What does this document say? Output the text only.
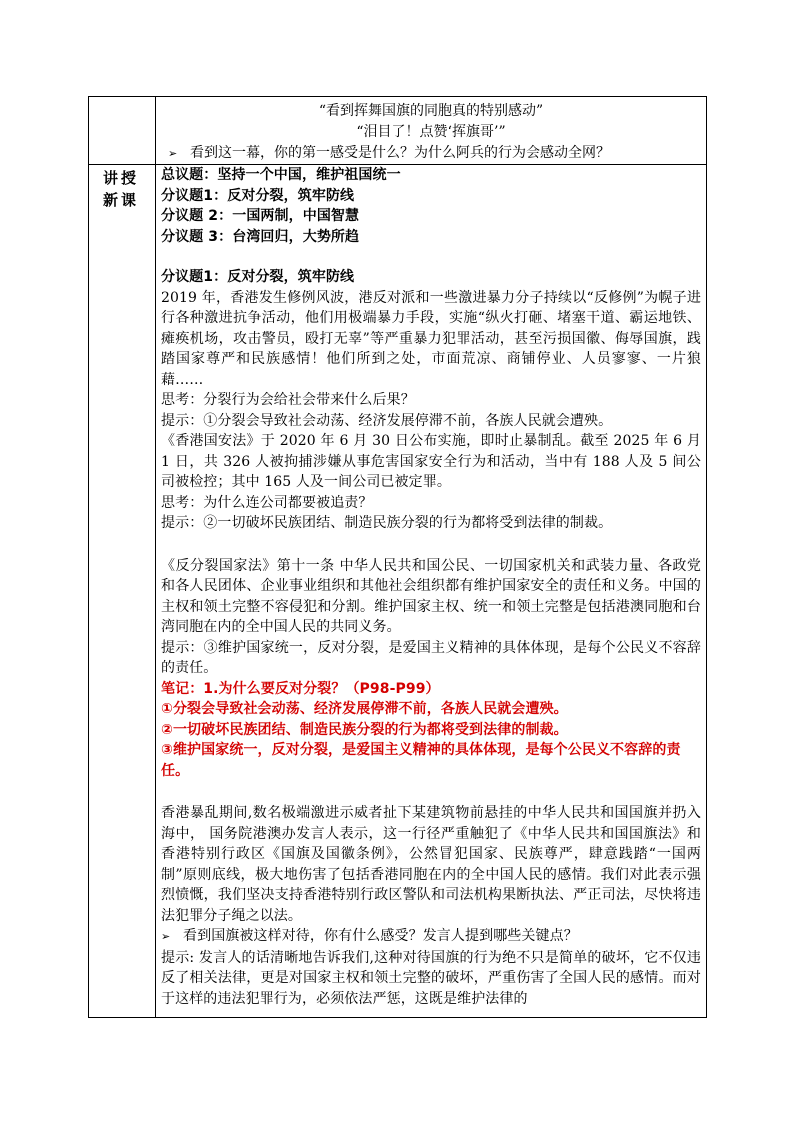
“看到挥舞国旗的同胞真的特别感动”
“泪目了！点赞‘挥旗哥’”
➢ 看到这一幕，你的第一感受是什么？为什么阿兵的行为会感动全网？
讲授新课

总议题：坚持一个中国，维护祖国统一

分议题1：反对分裂，筑牢防线

分议题 2：一国两制，中国智慧

分议题 3：台湾回归，大势所趋

分议题1：反对分裂，筑牢防线

2019 年，香港发生修例风波，港反对派和一些激进暴力分子持续以“反修例”为幌子进行各种激进抗争活动，他们用极端暴力手段，实施“纵火打砸、堵塞干道、霸运地铁、瘫痪机场，攻击警员，殴打无辜”等严重暴力犯罪活动，甚至污损国徽、侮辱国旗，践踏国家尊严和民族感情！他们所到之处，市面荒凉、商铺停业、人员寥寥、一片狼藉……

思考：分裂行为会给社会带来什么后果？

提示：①分裂会导致社会动荡、经济发展停滞不前，各族人民就会遭殃。

《香港国安法》于 2020 年 6 月 30 日公布实施，即时止暴制乱。截至 2025 年 6 月 1 日，共 326 人被拘捕涉嫌从事危害国家安全行为和活动，当中有 188 人及 5 间公司被检控；其中 165 人及一间公司已被定罪。

思考：为什么连公司都要被追责？

提示：②一切破坏民族团结、制造民族分裂的行为都将受到法律的制裁。

《反分裂国家法》第十一条 中华人民共和国公民、一切国家机关和武装力量、各政党和各人民团体、企业事业组织和其他社会组织都有维护国家安全的责任和义务。中国的主权和领土完整不容侵犯和分割。维护国家主权、统一和领土完整是包括港澳同胞和台湾同胞在内的全中国人民的共同义务。

提示：③维护国家统一，反对分裂，是爱国主义精神的具体体现，是每个公民义不容辞的责任。

笔记：1.为什么要反对分裂？（P98-P99）

①分裂会导致社会动荡、经济发展停滞不前，各族人民就会遭殃。

②一切破坏民族团结、制造民族分裂的行为都将受到法律的制裁。

③维护国家统一，反对分裂，是爱国主义精神的具体体现，是每个公民义不容辞的责任。

香港暴乱期间,数名极端激进示威者扯下某建筑物前悬挂的中华人民共和国国旗并扔入海中， 国务院港澳办发言人表示，这一行径严重触犯了《中华人民共和国国旗法》和香港特别行政区《国旗及国徽条例》，公然冒犯国家、民族尊严，肆意践踏“一国两制”原则底线，极大地伤害了包括香港同胞在内的全中国人民的感情。我们对此表示强烈愤慨，我们坚决支持香港特别行政区警队和司法机构果断执法、严正司法，尽快将违法犯罪分子绳之以法。

➢ 看到国旗被这样对待，你有什么感受？发言人提到哪些关键点？

提示: 发言人的话清晰地告诉我们,这种对待国旗的行为绝不只是简单的破坏，它不仅违反了相关法律，更是对国家主权和领土完整的破坏，严重伤害了全国人民的感情。而对于这样的违法犯罪行为，必须依法严惩，这既是维护法律的
